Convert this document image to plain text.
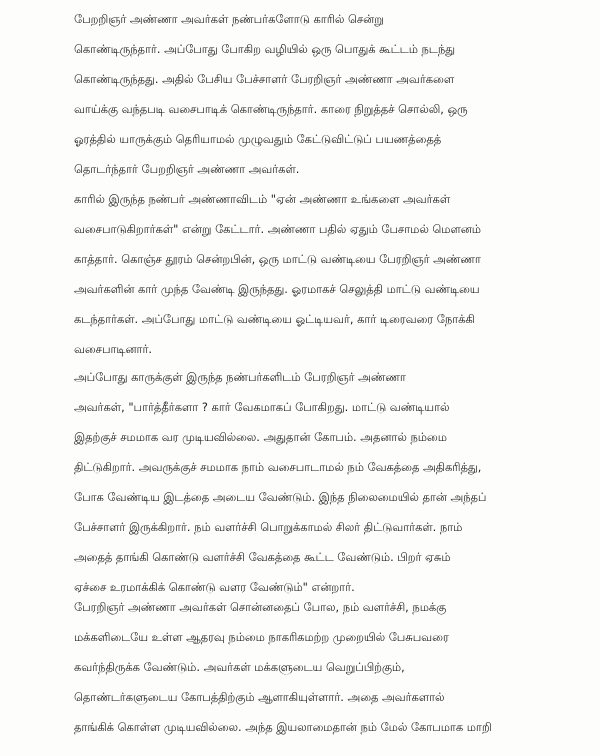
பேறறிஞர் அண்ணா அவர்கள் நண்பர்களோடு காரில் சென்று
கொண்டிருந்தார். அப்போது போகிற வழியில் ஒரு பொதுக் கூட்டம் நடந்து
கொண்டிருந்தது. அதில் பேசிய பேச்சாளர் பேரறிஞர் அண்ணா அவர்களை
வாய்க்கு வந்தபடி வசைபாடிக் கொண்டிருந்தார். காரை நிறுத்தச் சொல்லி, ஒரு
ஓரத்தில் யாருக்கும் தெரியாமல் முழுவதும் கேட்டுவிட்டுப் பயணத்தைத்
தொடர்ந்தார் பேறறிஞர் அண்ணா அவர்கள்.

காரில் இருந்த நண்பர் அண்ணாவிடம் "ஏன் அண்ணா உங்களை அவர்கள்
வசைபாடுகிறார்கள்" என்று கேட்டார். அண்ணா பதில் ஏதும் பேசாமல் மௌனம்
காத்தார். கொஞ்ச தூரம் சென்றபின், ஒரு மாட்டு வண்டியை பேரறிஞர் அண்ணா
அவர்களின் கார் முந்த வேண்டி இருந்தது. ஓரமாகச் செலுத்தி மாட்டு வண்டியை
கடந்தார்கள். அப்போது மாட்டு வண்டியை ஓட்டியவர், கார் டிரைவரை நோக்கி
வசைபாடினார்.

அப்போது காருக்குள் இருந்த நண்பர்களிடம் பேரறிஞர் அண்ணா
அவர்கள், "பார்த்தீர்களா ? கார் வேகமாகப் போகிறது. மாட்டு வண்டியால்
இதற்குச் சமமாக வர முடியவில்லை. அதுதான் கோபம். அதனால் நம்மை
திட்டுகிறார். அவருக்குச் சமமாக நாம் வசைபாடாமல் நம் வேகத்தை அதிகரித்து,
போக வேண்டிய இடத்தை அடைய வேண்டும். இந்த நிலைமையில் தான் அந்தப்
பேச்சாளர் இருக்கிறார். நம் வளர்ச்சி பொறுக்காமல் சிலர் திட்டுவார்கள். நாம்
அதைத் தாங்கி கொண்டு வளர்ச்சி வேகத்தை கூட்ட வேண்டும். பிறர் ஏசும்
ஏச்சை உரமாக்கிக் கொண்டு வளர வேண்டும்" என்றார்.

பேரறிஞர் அண்ணா அவர்கள் சொன்னதைப் போல, நம் வளர்ச்சி, நமக்கு
மக்களிடையே உள்ள ஆதரவு நம்மை நாகரிகமற்ற முறையில் பேசுபவரை
கவர்ந்திருக்க வேண்டும். அவர்கள் மக்களுடைய வெறுப்பிற்கும்,
தொண்டர்களுடைய கோபத்திற்கும் ஆளாகியுள்ளார். அதை அவர்களால்
தாங்கிக் கொள்ள முடியவில்லை. அந்த இயலாமைதான் நம் மேல் கோபமாக மாறி
